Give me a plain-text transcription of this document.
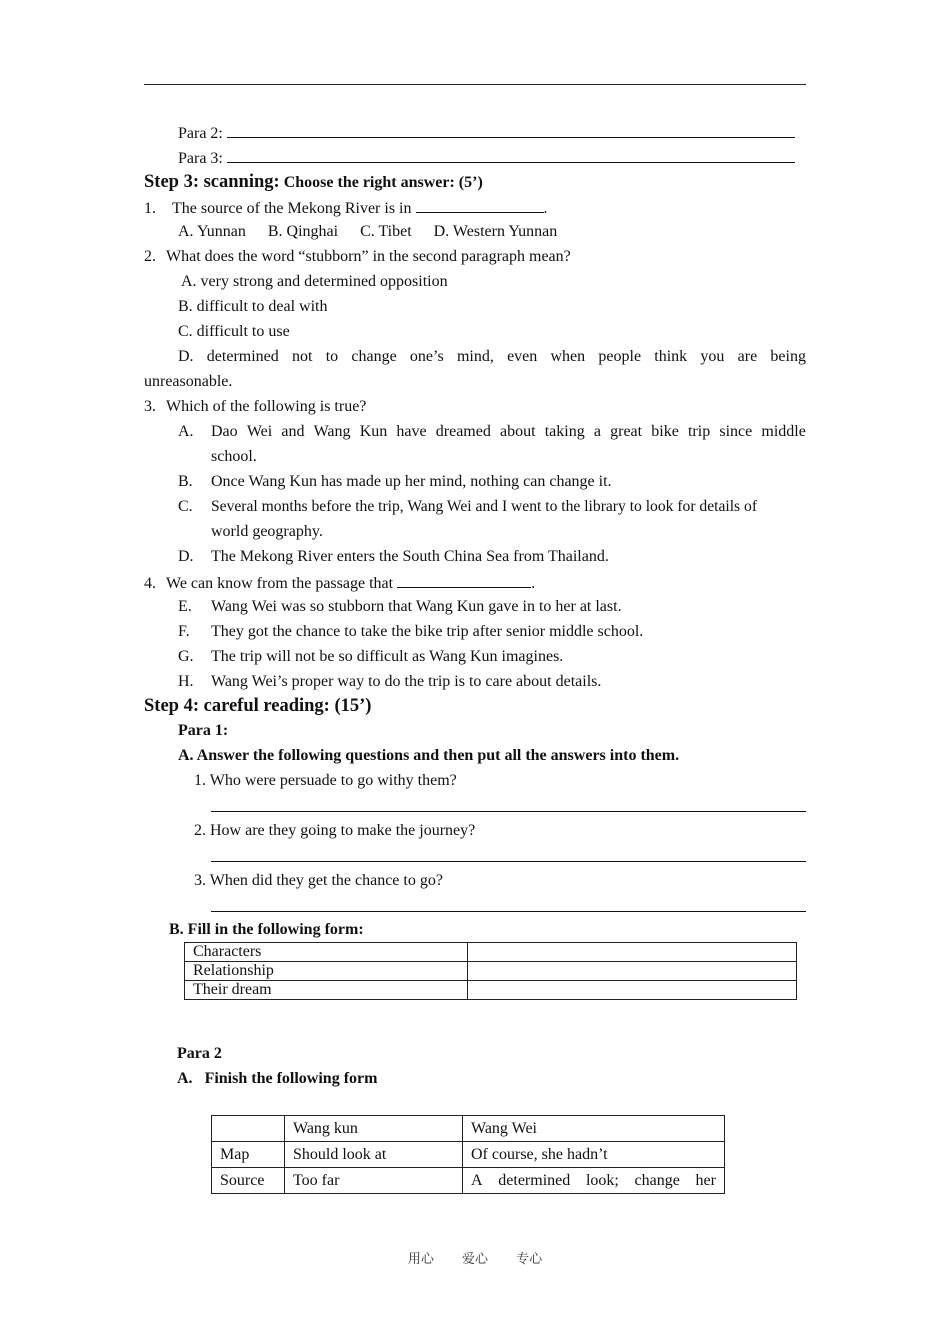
Para 2:
Para 3:
Step 3: scanning: Choose the right answer: (5’)
1. The source of the Mekong River is in	.
A. Yunnan B. Qinghai C. Tibet D. Western Yunnan
2. What does the word “stubborn” in the second paragraph mean?
A. very strong and determined opposition
B. difficult to deal with
C. difficult to use
D. determined not to change one’s mind, even when people think you are being
unreasonable.
3. Which of the following is true?
A. Dao Wei and Wang Kun have dreamed about taking a great bike trip since middle
school.
B. Once Wang Kun has made up her mind, nothing can change it.
C. Several months before the trip, Wang Wei and I went to the library to look for details of
world geography.
D. The Mekong River enters the South China Sea from Thailand.
4. We can know from the passage that	.
E. Wang Wei was so stubborn that Wang Kun gave in to her at last.
F. They got the chance to take the bike trip after senior middle school.
G. The trip will not be so difficult as Wang Kun imagines.
H. Wang Wei’s proper way to do the trip is to care about details.
Step 4: careful reading: (15’)
Para 1:
A. Answer the following questions and then put all the answers into them.
1. Who were persuade to go withy them?
2. How are they going to make the journey?
3. When did they get the chance to go?
B. Fill in the following form:
Characters	
Relationship	
Their dream	
Para 2
A. Finish the following form
	Wang kun	Wang Wei
Map	Should look at	Of course, she hadn’t
Source	Too far	A determined look; change her
用心 爱心 专心
